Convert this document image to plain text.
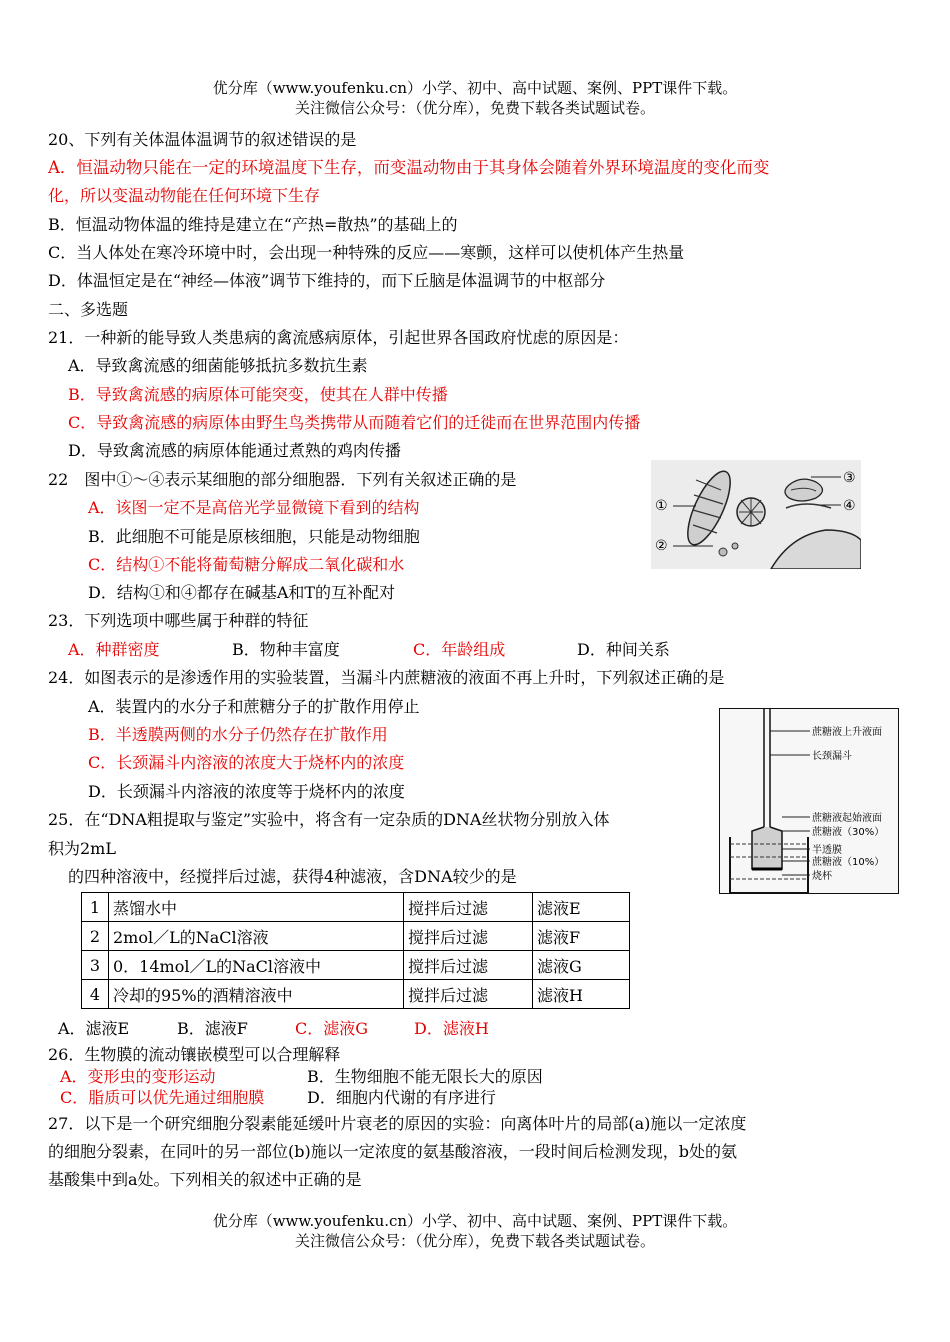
优分库（www.youfenku.cn）小学、初中、高中试题、案例、PPT课件下载。
关注微信公众号：（优分库），免费下载各类试题试卷。
20、下列有关体温体温调节的叙述错误的是
A．恒温动物只能在一定的环境温度下生存，而变温动物由于其身体会随着外界环境温度的变化而变
化，所以变温动物能在任何环境下生存
B．恒温动物体温的维持是建立在“产热=散热”的基础上的
C．当人体处在寒冷环境中时，会出现一种特殊的反应——寒颤，这样可以使机体产生热量
D．体温恒定是在“神经—体液”调节下维持的，而下丘脑是体温调节的中枢部分
二、多选题
21．一种新的能导致人类患病的禽流感病原体，引起世界各国政府忧虑的原因是：
A．导致禽流感的细菌能够抵抗多数抗生素
B．导致禽流感的病原体可能突变，使其在人群中传播
C．导致禽流感的病原体由野生鸟类携带从而随着它们的迁徙而在世界范围内传播
D．导致禽流感的病原体能通过煮熟的鸡肉传播
22　图中①～④表示某细胞的部分细胞器．下列有关叙述正确的是
A．该图一定不是高倍光学显微镜下看到的结构
B．此细胞不可能是原核细胞，只能是动物细胞
C．结构①不能将葡萄糖分解成二氧化碳和水
D．结构①和④都存在碱基A和T的互补配对
①
②
③
④
23．下列选项中哪些属于种群的特征
A．种群密度	B．物种丰富度	C．年龄组成	D．种间关系
24．如图表示的是渗透作用的实验装置，当漏斗内蔗糖液的液面不再上升时，下列叙述正确的是
A．装置内的水分子和蔗糖分子的扩散作用停止
B．半透膜两侧的水分子仍然存在扩散作用
C．长颈漏斗内溶液的浓度大于烧杯内的浓度
D．长颈漏斗内溶液的浓度等于烧杯内的浓度
蔗糖液上升液面
长颈漏斗
蔗糖液起始液面
蔗糖液（30%）
半透膜
蔗糖液（10%）
烧杯
25．在“DNA粗提取与鉴定”实验中，将含有一定杂质的DNA丝状物分别放入体
积为2mL
的四种溶液中，经搅拌后过滤，获得4种滤液，含DNA较少的是
1	蒸馏水中	搅拌后过滤	滤液E
2	2mol／L的NaCl溶液	搅拌后过滤	滤液F
3	0．14mol／L的NaCl溶液中	搅拌后过滤	滤液G
4	冷却的95%的酒精溶液中	搅拌后过滤	滤液H
A．滤液E	B．滤液F	C．滤液G	D．滤液H
26．生物膜的流动镶嵌模型可以合理解释
A．变形虫的变形运动	B．生物细胞不能无限长大的原因
C．脂质可以优先通过细胞膜	D．细胞内代谢的有序进行
27．以下是一个研究细胞分裂素能延缓叶片衰老的原因的实验：向离体叶片的局部(a)施以一定浓度
的细胞分裂素，在同叶的另一部位(b)施以一定浓度的氨基酸溶液，一段时间后检测发现，b处的氨
基酸集中到a处。下列相关的叙述中正确的是
优分库（www.youfenku.cn）小学、初中、高中试题、案例、PPT课件下载。
关注微信公众号：（优分库），免费下载各类试题试卷。
